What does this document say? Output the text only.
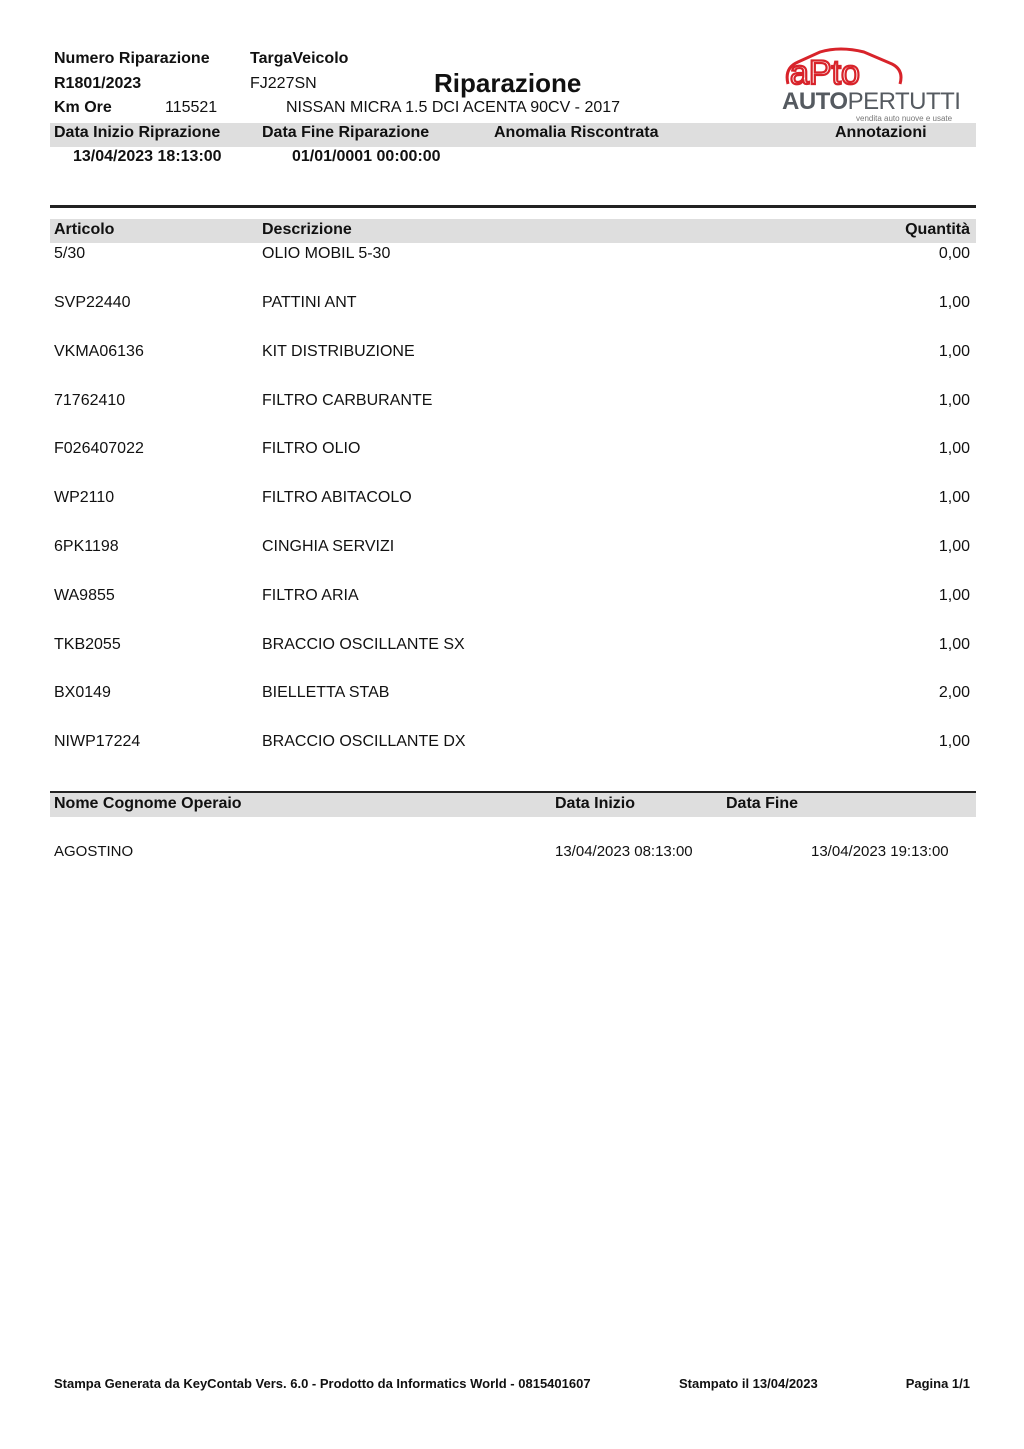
Numero Riparazione
R1801/2023
Km Ore	115521
TargaVeicolo
FJ227SN
NISSAN MICRA 1.5 DCI ACENTA 90CV - 2017
Riparazione	aPto
AUTOPERTUTTI
vendita auto nuove e usate
Data Inizio Riprazione	Data Fine Riparazione	Anomalia Riscontrata	Annotazioni
13/04/2023 18:13:00	01/01/0001 00:00:00
Articolo	Descrizione	Quantità
5/30	OLIO MOBIL 5-30	0,00
SVP22440	PATTINI ANT	1,00
VKMA06136	KIT DISTRIBUZIONE	1,00
71762410	FILTRO CARBURANTE	1,00
F026407022	FILTRO OLIO	1,00
WP2110	FILTRO ABITACOLO	1,00
6PK1198	CINGHIA SERVIZI	1,00
WA9855	FILTRO ARIA	1,00
TKB2055	BRACCIO OSCILLANTE SX	1,00
BX0149	BIELLETTA STAB	2,00
NIWP17224	BRACCIO OSCILLANTE DX	1,00
Nome Cognome Operaio	Data Inizio	Data Fine
AGOSTINO	13/04/2023 08:13:00	13/04/2023 19:13:00
Stampa Generata da KeyContab Vers. 6.0 - Prodotto da Informatics World - 0815401607	Stampato il 13/04/2023	Pagina 1/1
